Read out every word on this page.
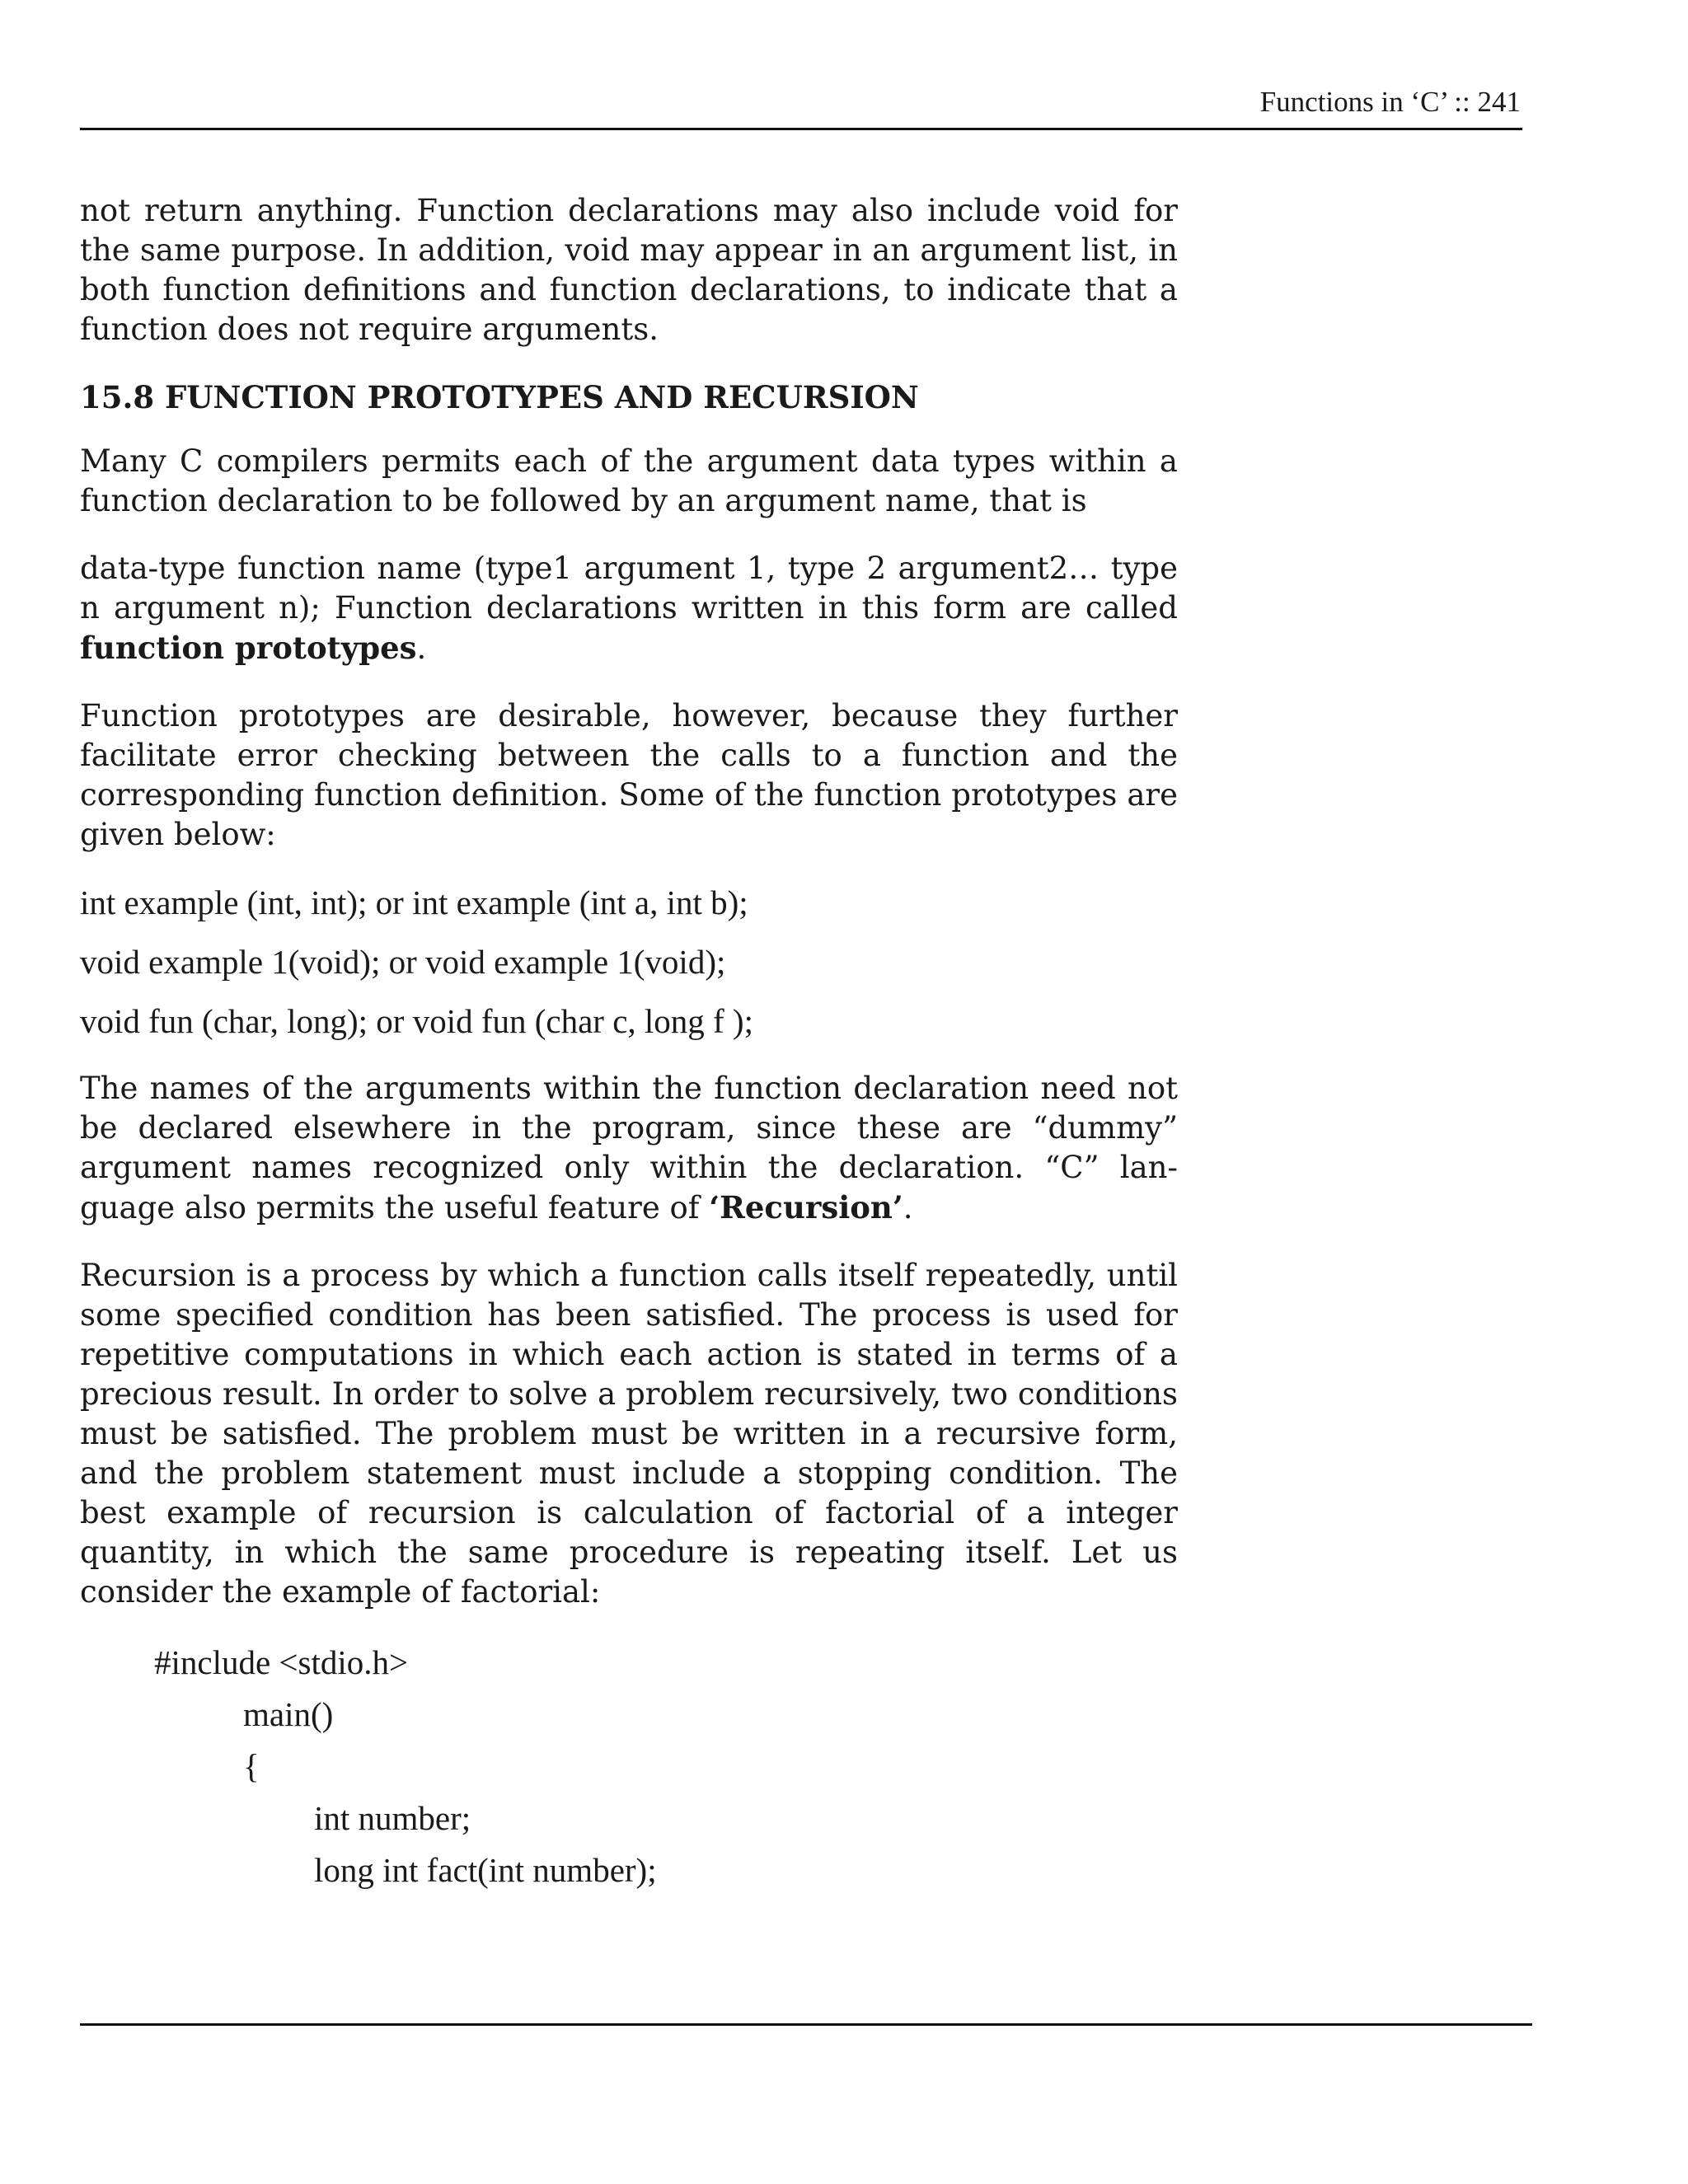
Functions in ‘C’ :: 241

not return anything. Function declarations may also include void for the same purpose. In addition, void may appear in an argument list, in both function definitions and function declarations, to indicate that a function does not require arguments.

15.8 FUNCTION PROTOTYPES AND RECURSION

Many C compilers permits each of the argument data types within a function declaration to be followed by an argument name, that is

data-type function name (type1 argument 1, type 2 argument2… type n argument n); Function declarations written in this form are called function prototypes.

Function prototypes are desirable, however, because they further facilitate error checking between the calls to a function and the corresponding function definition. Some of the function prototypes are given below:

int example (int, int); or int example (int a, int b);
void example 1(void); or void example 1(void);
void fun (char, long); or void fun (char c, long f );

The names of the arguments within the function declaration need not be declared elsewhere in the program, since these are “dummy” argument names recognized only within the declaration. “C” lan-guage also permits the useful feature of ‘Recursion’.

Recursion is a process by which a function calls itself repeatedly, until some specified condition has been satisfied. The process is used for repetitive computations in which each action is stated in terms of a precious result. In order to solve a problem recursively, two conditions must be satisfied. The problem must be written in a recursive form, and the problem statement must include a stopping condition. The best example of recursion is calculation of factorial of a integer quantity, in which the same procedure is repeating itself. Let us consider the example of factorial:

#include <stdio.h>
main()
{
int number;
long int fact(int number);
